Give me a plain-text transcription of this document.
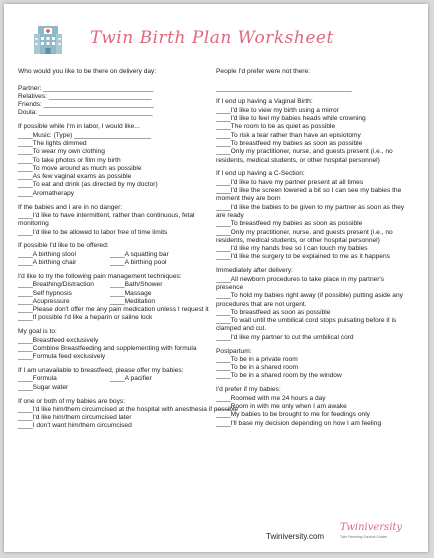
Twin Birth Plan Worksheet
Who would you like to be there on delivery day:

Partner: ______________________________
Relatives: ____________________________
Friends: ______________________________
Doula: _______________________________
If possible while I'm in labor, I would like...
____Music: (Type) _____________________
____The lights dimmed
____To wear my own clothing
____To take photos or film my birth
____To move around as much as possible
____As few vaginal exams as possible
____To eat and drink (as directed by my doctor)
____Aromatherapy
If the babies and I are in no danger:
____I'd like to have intermittent, rather than continuous, fetal monitoring
____I'd like to be allowed to labor free of time limits
If possible I'd like to be offered:
____A birthing stool	____A squatting bar
____A birthing chair	____A birthing pool
I'd like to try the following pain management techniques:
____Breathing/Distraction	____Bath/Shower
____Self hypnosis	____Massage
____Acupressure	____Meditation
____Please don't offer me any pain medication unless I request it
____If possible I'd like a heparin or saline lock
My goal is to:
____Breastfeed exclusively
____Combine Breastfeeding and supplementing with formula
____Formula feed exclusively
If I am unavailable to breastfeed, please offer my babies:
____Formula	____A pacifier
____Sugar water
If one or both of my babies are boys:
____I'd like him/them circumcised at the hospital with anesthesia if possible
____I'd like him/them circumcised later
____I don't want him/them circumcised
People I'd prefer were not there:

_____________________________________
If I end up having a Vaginal Birth:
____I'd like to view my birth using a mirror
____I'd like to feel my babies heads while crowning
____The room to be as quiet as possible
____To risk a tear rather than have an episiotomy
____To breastfeed my babies as soon as possible
____Only my practitioner, nurse, and guests present (i.e., no residents, medical students, or other hospital personnel)
If I end up having a C-Section:
____I'd like to have my partner present at all times
____I'd like the screen lowered a bit so I can see my babies the moment they are born
____I'd like the babies to be given to my partner as soon as they are ready
____To breastfeed my babies as soon as possible
____Only my practitioner, nurse, and guests present (i.e., no residents, medical students, or other hospital personnel)
____I'd like my hands free so I can touch my babies
____I'd like the surgery to be explained to me as it happens
Immediately after delivery:
____All newborn procedures to take place in my partner's presence
____To hold my babies right away (if possible) putting aside any procedures that are not urgent.
____To breastfeed as soon as possible
____To wait until the umbilical cord stops pulsating before it is clamped and cut.
____I'd like my partner to cut the umbilical cord
Postpartum:
____To be in a private room
____To be in a shared room
____To be in a shared room by the window
I'd prefer if my babies:
____Roomed with me 24 hours a day
____Room in with me only when I am awake
____My babies to be brought to me for feedings only
____I'll base my decision depending on how I am feeling
Twiniversity.com
Twiniversity
Twin Parenting Survival Guides
